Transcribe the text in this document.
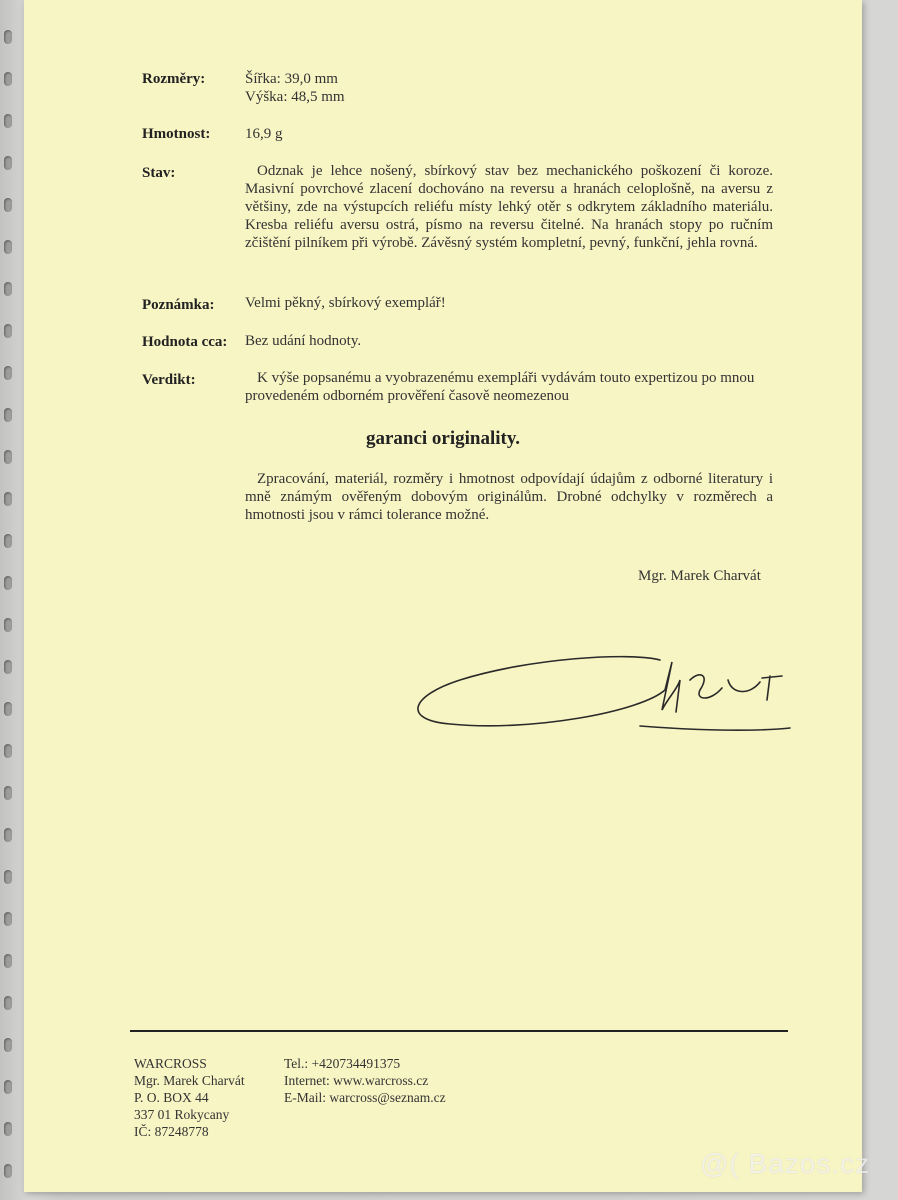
Rozměry:	Šířka: 39,0 mm
Výška: 48,5 mm
Hmotnost:	16,9 g
Stav:	Odznak je lehce nošený, sbírkový stav bez mechanického poškození či koroze. Masivní povrchové zlacení dochováno na reversu a hranách celoplošně, na aversu z většiny, zde na výstupcích reliéfu místy lehký otěr s odkrytem základního materiálu. Kresba reliéfu aversu ostrá, písmo na reversu čitelné. Na hranách stopy po ručním zčištění pilníkem při výrobě. Závěsný systém kompletní, pevný, funkční, jehla rovná.
Poznámka:	Velmi pěkný, sbírkový exemplář!
Hodnota cca:	Bez udání hodnoty.
Verdikt:	K výše popsanému a vyobrazenému exempláři vydávám touto expertizou po mnou provedeném odborném prověření časově neomezenou
garanci originality.
Zpracování, materiál, rozměry i hmotnost odpovídají údajům z odborné literatury i mně známým ověřeným dobovým originálům. Drobné odchylky v rozměrech a hmotnosti jsou v rámci tolerance možné.
Mgr. Marek Charvát
WARCROSS
Mgr. Marek Charvát
P. O. BOX 44
337 01 Rokycany
IČ: 87248778
Tel.: +420734491375
Internet: www.warcross.cz
E-Mail: warcross@seznam.cz
@( Bazos.cz
